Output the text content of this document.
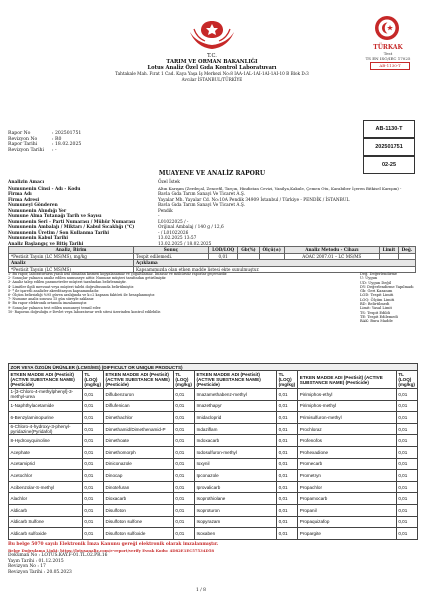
T.C.
TARIM VE ORMAN BAKANLIĞI
Lotus Analiz Özel Gıda Kontrol Laboratuvarı
Tahtakale Mah. Fırat 1 Cad. Kaya Yaşa Iş Merkezi No:8 IAA-1AL-1AI-1AI-1AI-10 B Blok D:3
Avcılar İSTANBUL/TÜRKİYE
TÜRKAK
Test
TS EN ISO/IEC 17025
AB-1130-T
AB-1130-T
202501751
02-25
Rapor No	: 202501751
Revizyon No	: R0
Rapor Tarihi	: 18.02.2025
Revizyon Tarihi : -
MUAYENE VE ANALİZ RAPORU
Analizin Amacı	Özel İstek
Numunenin Cinsi - Adı - Kodu	Altın Karışım (Zerdeçal, Zencefil, Tarçın, Hindistan Cevizi, Vanilya,Kakule, Çemen Otu, Karabiber İçeren Bitkisel Karışım) -
Firma Adı	Bavla Gıda Tarım Sanayi Ve Ticaret A.Ş.
Firma Adresi	Yayalar Mh. Yayalar Cd. No:10A Pendik 34909 İstanbul / Türkiye - PENDİK / İSTANBUL
Numuneyi Gönderen	Bavla Gıda Tarım Sanayi Ve Ticaret A.Ş.
Numunenin Alındığı Yer	Pendik
Numune Alma Tutanağı Tarih ve Sayısı	-
Numunenin Seri - Parti Numarası / Mühür Numarası	L01022025 / -
Numunenin Ambalajı / Miktarı / Kabul Sıcaklığı (°C)	Orijinal Ambalaj / 140 g / 12,6
Numunenin Üretim / Son Kullanma Tarihi	- / L01022026
Numunenin Kabul Tarihi	13.02.2025 13:57
Analiz Başlangıç ve Bitiş Tarihi	13.02.2025 / 18.02.2025
Analiz, Birim	Sonuç	LOD/LOQ	Gb(%)	Ölçü(±)	Analiz Metodu - Cihazı	Limit	Değ.
*Pestisit Taysin (LC MS/MS), mg/kg	Tespit edilemedi.	0,01			AOAC 2007.01 – LC MS/MS		
Analiz	Açıklama						
*Pestisit Taysin (LC MS/MS)	Kapsamımızda olan etken madde listesi ekte sunulmuştur.						
1- Bu rapor, laboratuvarın yazılı izni olmadan kısmen kopyalanamaz ve çoğaltılamaz. İmzasız ve mühürsüz raporlar geçersizdir.
2- Sonuçlar yalnızca analiz edilen numuneye aittir. Numune müşteri tarafından getirilmiştir.
3- Analiz talep edilen parametreler müşteri tarafından belirlenmiştir.
4- Limitler ilgili mevzuat veya müşteri talebi doğrultusunda belirtilmiştir.
5- * ile işaretli analizler akreditasyon kapsamındadır.
6- Ölçüm belirsizliği %95 güven aralığında ve k=2 kapsam faktörü ile hesaplanmıştır.
7- Numune analiz sonrası 15 gün süreyle saklanır.
8- Bu rapor elektronik ortamda imzalanmıştır.
9- Sonuçlar yalnızca test edilen numuneyi temsil eder.
10- Raporun doğruluğu e-Devlet veya laboratuvar web sitesi üzerinden kontrol edilebilir.
Değ. Değerlendirme
U: Uygun
UD: Uygun Değil
DY: Değerlendirme Yapılmadı
Gb: Geri Kazanım
LOD: Tespit Limiti
LOQ: Ölçüm Limiti
BD: Belirtilmedi
Limit: Yasal Limit
TS: Tespit Edildi
TE: Tespit Edilemedi
BAK: Bura Madde
ZOR VEYA ÖZGÜN ÜRÜNLER (LCMS/MS) (DIFFICULT OR UNIQUE PRODUCTS)							
ETKEN MADDE ADI (Pestisit) (ACTIVE SUBSTANCE NAME) (Pesticide)	TL (LOQ) (mg/kg)	ETKEN MADDE ADI (Pestisit) (ACTIVE SUBSTANCE NAME) (Pesticide)	TL (LOQ) (mg/kg)	ETKEN MADDE ADI (Pestisit) (ACTIVE SUBSTANCE NAME) (Pesticide)	TL (LOQ) (mg/kg)	ETKEN MADDE ADI (Pestisit) (ACTIVE SUBSTANCE NAME) (Pesticide)	TL (LOQ) (mg/kg)
1-[3-Chloro-4-methylphenyl]-3-methyl-urea	0,01	Diflubenzuron	0,01	Imazamethabenz-methyl	0,01	Pirimiphos-ethyl	0,01
1-Naphthylacetamide	0,01	Diflufenican	0,01	Imazethapyr	0,01	Pirimiphos-methyl	0,01
6-Benzylaminopurine	0,01	Dimethachlor	0,01	Imidacloprid	0,01	Primisulfuron-methyl	0,01
6-Chloro-4-hydroxy-3-phenyl-pyridazine(Pyridafol)	0,01	Dimethamid/Dimethenamid-P	0,01	Indaziflam	0,01	Prochloraz	0,01
8-Hydroxyquinoline	0,01	Dimethoate	0,01	Indoxacarb	0,01	Profenofos	0,01
Acephate	0,01	Dimethomorph	0,01	Iodosulfuron-methyl	0,01	Prohexadione	0,01
Acetamiprid	0,01	Diniconazole	0,01	Ioxynil	0,01	Promecarb	0,01
Acetochlor	0,01	Dinocap	0,01	Ipconazole	0,01	Prometryn	0,01
Acibenzolar-S-methyl	0,01	Dinotefuran	0,01	Iprovalicarb	0,01	Propachlor	0,01
Alachlor	0,01	Dioxacarb	0,01	Isoprothiolane	0,01	Propamocarb	0,01
Aldicarb	0,01	Disulfoton	0,01	Isoproturon	0,01	Propanil	0,01
Aldicarb Sulfone	0,01	Disulfoton sulfone	0,01	Isopyrazam	0,01	Propaquizafop	0,01
Aldicarb sulfoxide	0,01	Disulfoton sulfoxide	0,01	Isoxaben	0,01	Propargite	0,01
Bu belge 5070 sayılı Elektronik İmza Kanunu gereği elektronik olarak imzalanmıştır.
Belge Doğrulama Linki: https://lotusanaliz.com/e-report/verify Evrak Kodu: 4D82E1EC57534D58
Doküman No : LOTUS.KAY.F-01.TL.02.PR.16
Yayın Tarihi : 01.12.2015
Revizyon No : 17
Revizyon Tarihi : 20.05.2023
1 / 8
